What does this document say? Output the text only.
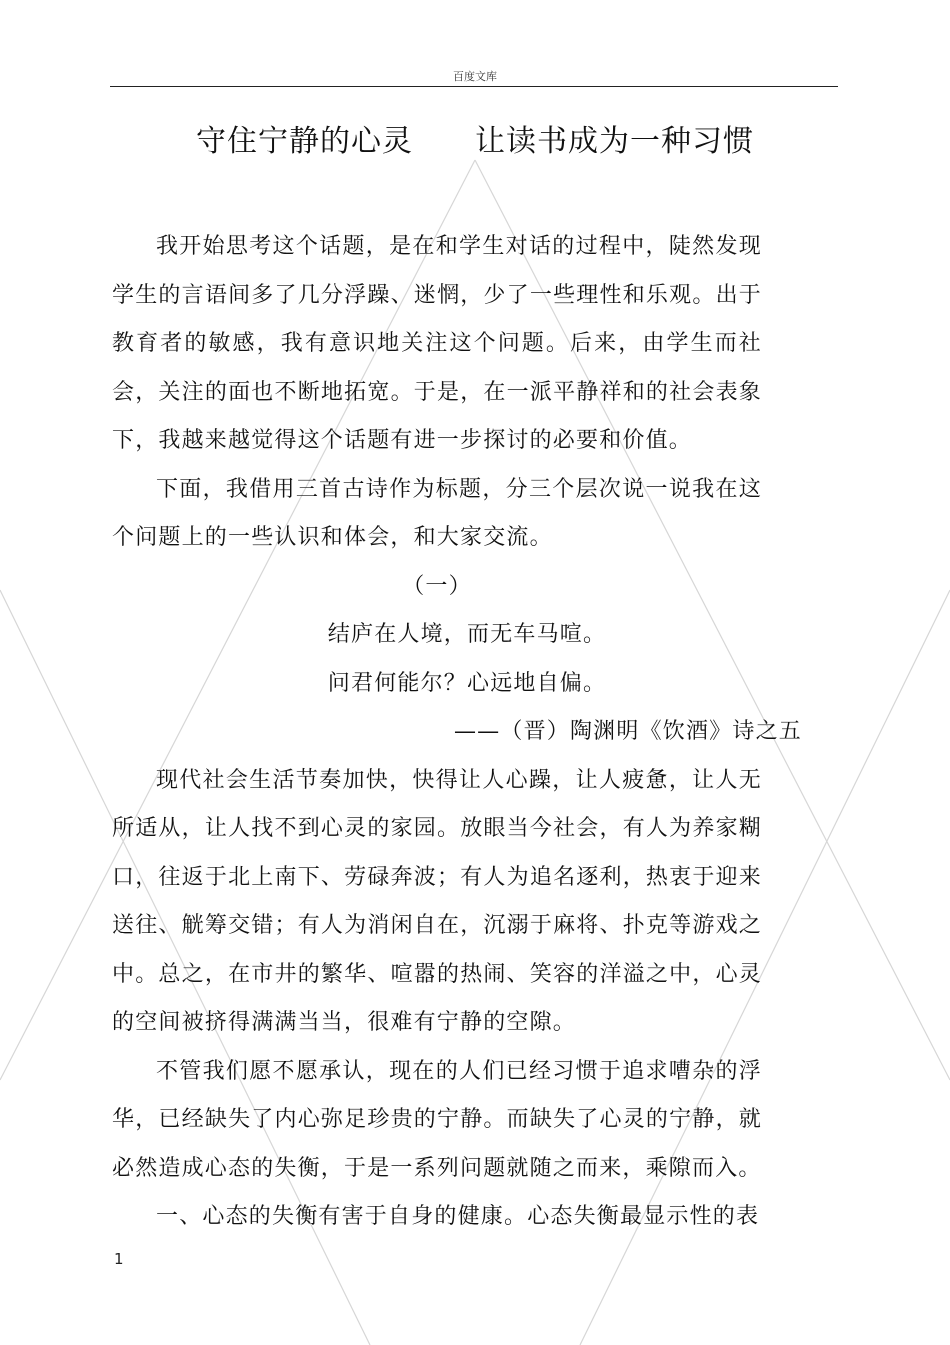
百度文库
守住宁静的心灵　　让读书成为一种习惯

我开始思考这个话题，是在和学生对话的过程中，陡然发现学生的言语间多了几分浮躁、迷惘，少了一些理性和乐观。出于教育者的敏感，我有意识地关注这个问题。后来，由学生而社会，关注的面也不断地拓宽。于是，在一派平静祥和的社会表象下，我越来越觉得这个话题有进一步探讨的必要和价值。

下面，我借用三首古诗作为标题，分三个层次说一说我在这个问题上的一些认识和体会，和大家交流。

（一）

结庐在人境，而无车马喧。

问君何能尔？心远地自偏。

——（晋）陶渊明《饮酒》诗之五

现代社会生活节奏加快，快得让人心躁，让人疲惫，让人无所适从，让人找不到心灵的家园。放眼当今社会，有人为养家糊口，往返于北上南下、劳碌奔波；有人为追名逐利，热衷于迎来送往、觥筹交错；有人为消闲自在，沉溺于麻将、扑克等游戏之中。总之，在市井的繁华、喧嚣的热闹、笑容的洋溢之中，心灵的空间被挤得满满当当，很难有宁静的空隙。

不管我们愿不愿承认，现在的人们已经习惯于追求嘈杂的浮华，已经缺失了内心弥足珍贵的宁静。而缺失了心灵的宁静，就必然造成心态的失衡，于是一系列问题就随之而来，乘隙而入。

一、心态的失衡有害于自身的健康。心态失衡最显示性的表

1
